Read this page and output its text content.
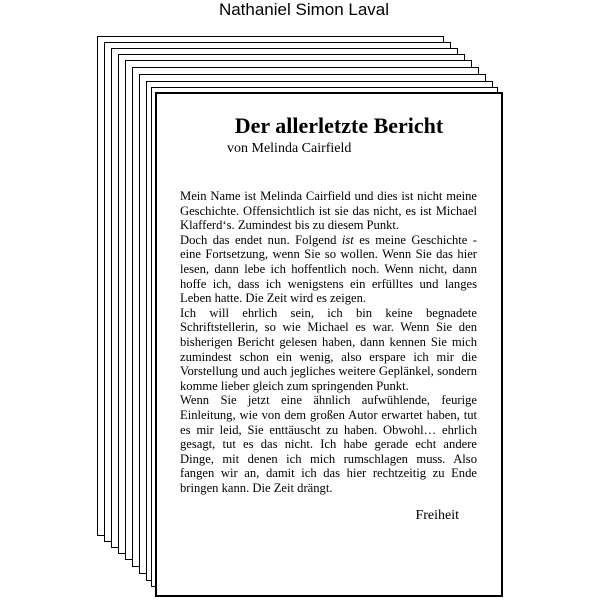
Nathaniel Simon Laval
Der allerletzte Bericht
von Melinda Cairfield

Mein Name ist Melinda Cairfield und dies ist nicht meine Geschichte. Offensichtlich ist sie das nicht, es ist Michael Klafferd‘s. Zumindest bis zu diesem Punkt.

Doch das endet nun. Folgend ist es meine Geschichte - eine Fortsetzung, wenn Sie so wollen. Wenn Sie das hier lesen, dann lebe ich hoffentlich noch. Wenn nicht, dann hoffe ich, dass ich wenigstens ein erfülltes und langes Leben hatte. Die Zeit wird es zeigen.

Ich will ehrlich sein, ich bin keine begnadete Schriftstellerin, so wie Michael es war. Wenn Sie den bisherigen Bericht gelesen haben, dann kennen Sie mich zumindest schon ein wenig, also erspare ich mir die Vorstellung und auch jegliches weitere Geplänkel, sondern komme lieber gleich zum springenden Punkt.

Wenn Sie jetzt eine ähnlich aufwühlende, feurige Einleitung, wie von dem großen Autor erwartet haben, tut es mir leid, Sie enttäuscht zu haben. Obwohl… ehrlich gesagt, tut es das nicht. Ich habe gerade echt andere Dinge, mit denen ich mich rumschlagen muss. Also fangen wir an, damit ich das hier rechtzeitig zu Ende bringen kann. Die Zeit drängt.

Freiheit
